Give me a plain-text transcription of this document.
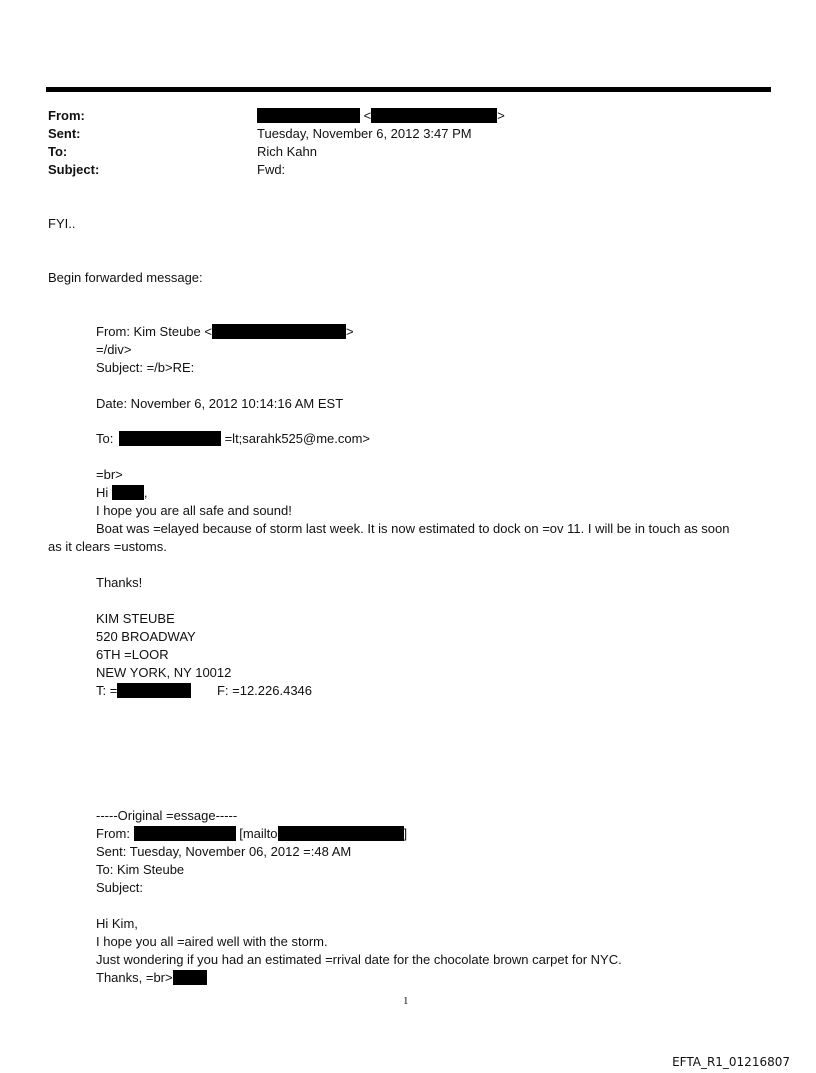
From:	<	>
Sent:	Tuesday, November 6, 2012 3:47 PM
To:	Rich Kahn
Subject:	Fwd:
FYI..
Begin forwarded message:
From: Kim Steube <	>
=/div>
Subject: =/b>RE:
Date: November 6, 2012 10:14:16 AM EST
To:	=lt;sarahk525@me.com>
=br>
Hi	,
I hope you are all safe and sound!
Boat was =elayed because of storm last week. It is now estimated to dock on =ov 11. I will be in touch as soon
as it clears =ustoms.
Thanks!
KIM STEUBE
520 BROADWAY
6TH =LOOR
NEW YORK, NY 10012
T: =	F: =12.226.4346
-----Original =essage-----
From:	[mailto	]
Sent: Tuesday, November 06, 2012 =:48 AM
To: Kim Steube
Subject:
Hi Kim,
I hope you all =aired well with the storm.
Just wondering if you had an estimated =rrival date for the chocolate brown carpet for NYC.
Thanks, =br>
1
EFTA_R1_01216807
